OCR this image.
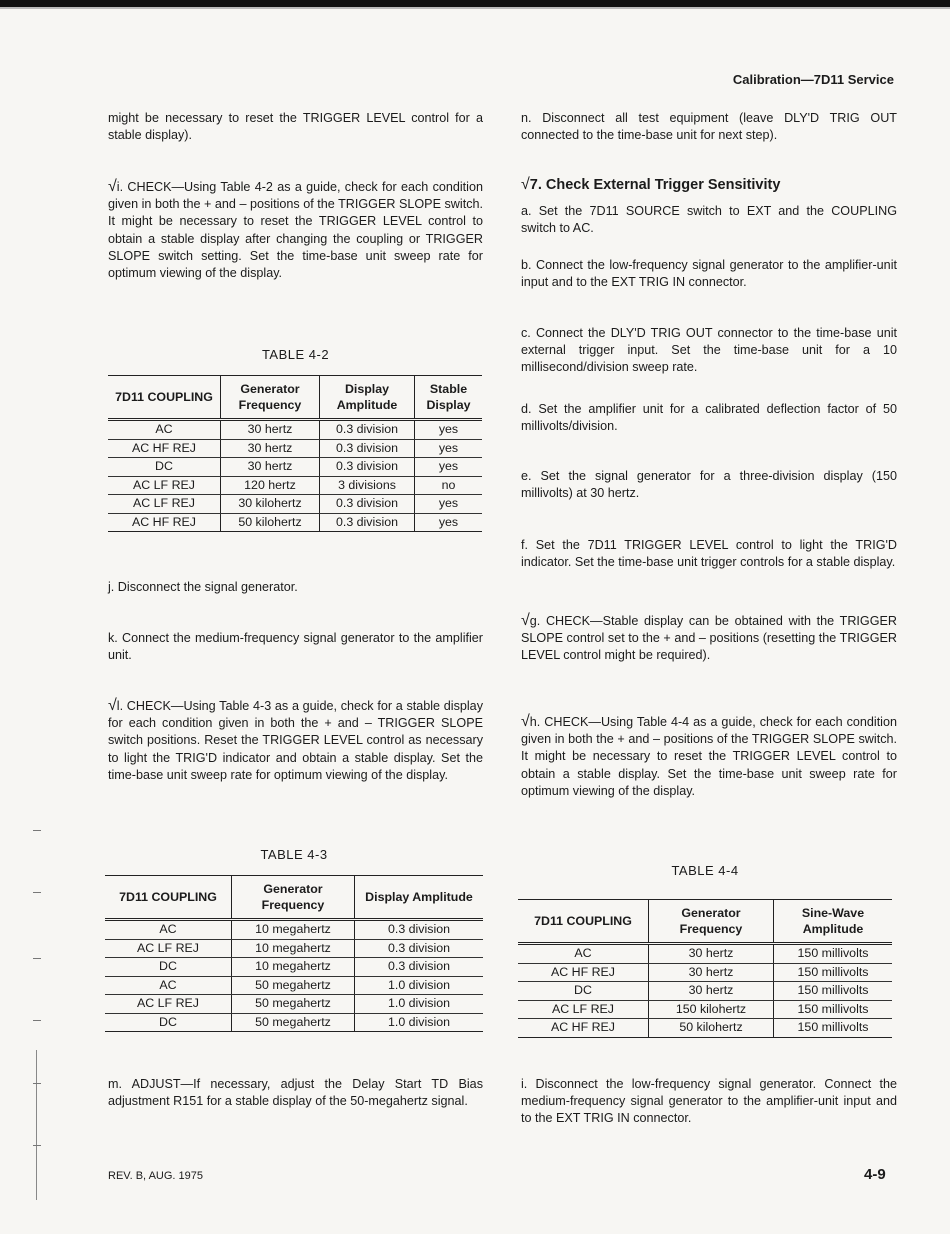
Calibration—7D11 Service

might be necessary to reset the TRIGGER LEVEL control for a stable display).

√i. CHECK—Using Table 4-2 as a guide, check for each condition given in both the + and – positions of the TRIGGER SLOPE switch. It might be necessary to reset the TRIGGER LEVEL control to obtain a stable display after changing the coupling or TRIGGER SLOPE switch setting. Set the time-base unit sweep rate for optimum viewing of the display.

TABLE 4-2
7D11 COUPLING	Generator Frequency	Display Amplitude	Stable Display
AC	30 hertz	0.3 division	yes
AC HF REJ	30 hertz	0.3 division	yes
DC	30 hertz	0.3 division	yes
AC LF REJ	120 hertz	3 divisions	no
AC LF REJ	30 kilohertz	0.3 division	yes
AC HF REJ	50 kilohertz	0.3 division	yes

j. Disconnect the signal generator.

k. Connect the medium-frequency signal generator to the amplifier unit.

√l. CHECK—Using Table 4-3 as a guide, check for a stable display for each condition given in both the + and – TRIGGER SLOPE switch positions. Reset the TRIGGER LEVEL control as necessary to light the TRIG'D indicator and obtain a stable display. Set the time-base unit sweep rate for optimum viewing of the display.

TABLE 4-3
7D11 COUPLING	Generator Frequency	Display Amplitude
AC	10 megahertz	0.3 division
AC LF REJ	10 megahertz	0.3 division
DC	10 megahertz	0.3 division
AC	50 megahertz	1.0 division
AC LF REJ	50 megahertz	1.0 division
DC	50 megahertz	1.0 division

m. ADJUST—If necessary, adjust the Delay Start TD Bias adjustment R151 for a stable display of the 50-megahertz signal.

n. Disconnect all test equipment (leave DLY'D TRIG OUT connected to the time-base unit for next step).

√7. Check External Trigger Sensitivity

a. Set the 7D11 SOURCE switch to EXT and the COUPLING switch to AC.

b. Connect the low-frequency signal generator to the amplifier-unit input and to the EXT TRIG IN connector.

c. Connect the DLY'D TRIG OUT connector to the time-base unit external trigger input. Set the time-base unit for a 10 millisecond/division sweep rate.

d. Set the amplifier unit for a calibrated deflection factor of 50 millivolts/division.

e. Set the signal generator for a three-division display (150 millivolts) at 30 hertz.

f. Set the 7D11 TRIGGER LEVEL control to light the TRIG'D indicator. Set the time-base unit trigger controls for a stable display.

√g. CHECK—Stable display can be obtained with the TRIGGER SLOPE control set to the + and – positions (resetting the TRIGGER LEVEL control might be required).

√h. CHECK—Using Table 4-4 as a guide, check for each condition given in both the + and – positions of the TRIGGER SLOPE switch. It might be necessary to reset the TRIGGER LEVEL control to obtain a stable display. Set the time-base unit sweep rate for optimum viewing of the display.

TABLE 4-4
7D11 COUPLING	Generator Frequency	Sine-Wave Amplitude
AC	30 hertz	150 millivolts
AC HF REJ	30 hertz	150 millivolts
DC	30 hertz	150 millivolts
AC LF REJ	150 kilohertz	150 millivolts
AC HF REJ	50 kilohertz	150 millivolts

i. Disconnect the low-frequency signal generator. Connect the medium-frequency signal generator to the amplifier-unit input and to the EXT TRIG IN connector.

REV. B, AUG. 1975	4-9
